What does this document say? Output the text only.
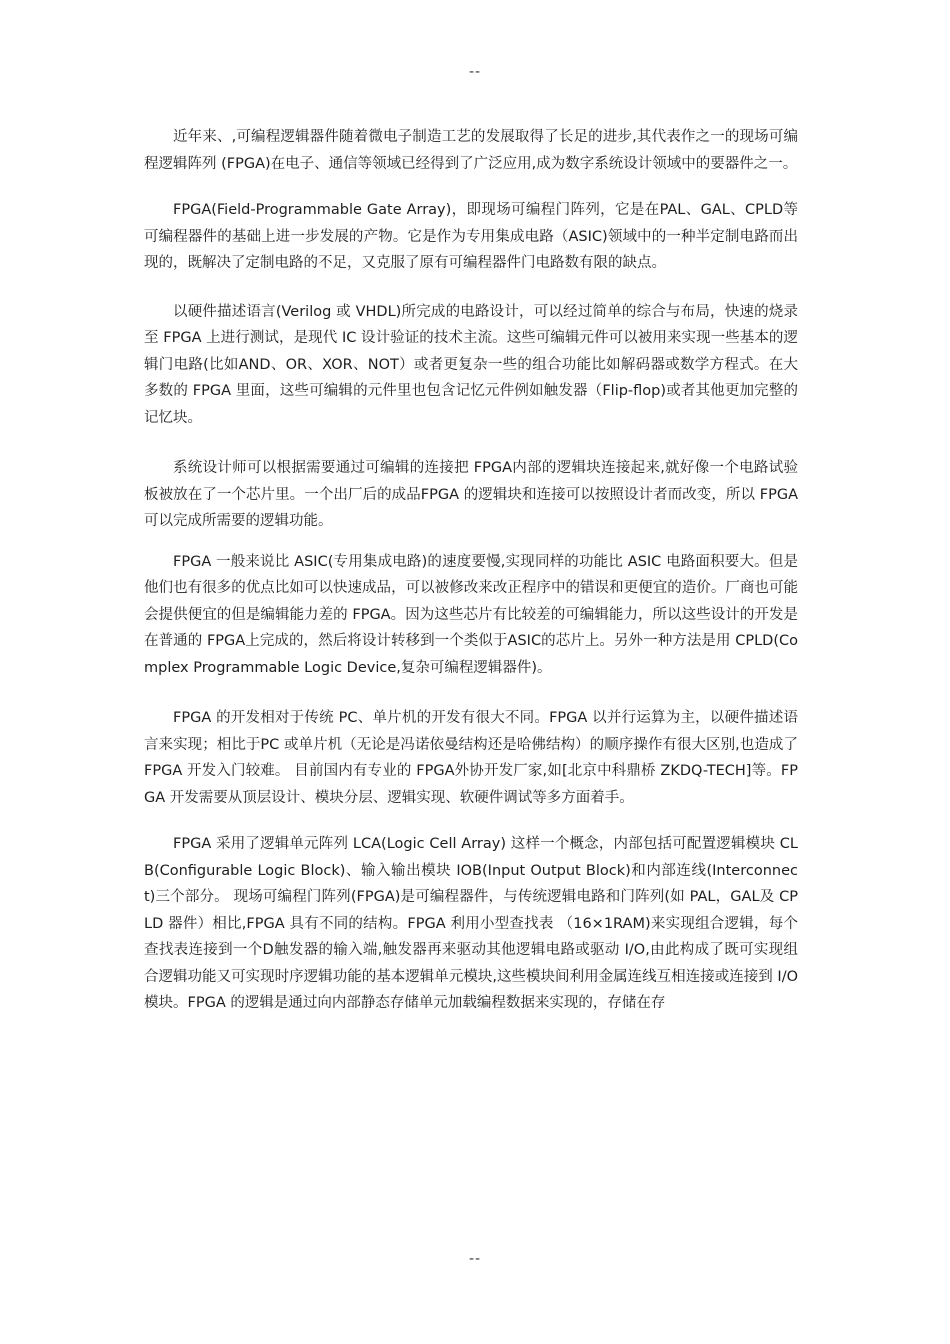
--

近年来、,可编程逻辑器件随着微电子制造工艺的发展取得了长足的进步,其代表作之一的现场可编程逻辑阵列 (FPGA)在电子、通信等领域已经得到了广泛应用,成为数字系统设计领域中的要器件之一。

FPGA(Field-Programmable Gate Array)，即现场可编程门阵列，它是在PAL、GAL、CPLD等可编程器件的基础上进一步发展的产物。它是作为专用集成电路（ASIC)领域中的一种半定制电路而出现的，既解决了定制电路的不足，又克服了原有可编程器件门电路数有限的缺点。

以硬件描述语言(Verilog 或 VHDL)所完成的电路设计，可以经过简单的综合与布局，快速的烧录至 FPGA 上进行测试，是现代 IC 设计验证的技术主流。这些可编辑元件可以被用来实现一些基本的逻辑门电路(比如AND、OR、XOR、NOT）或者更复杂一些的组合功能比如解码器或数学方程式。在大多数的 FPGA 里面，这些可编辑的元件里也包含记忆元件例如触发器（Flip-flop)或者其他更加完整的记忆块。

系统设计师可以根据需要通过可编辑的连接把 FPGA内部的逻辑块连接起来,就好像一个电路试验板被放在了一个芯片里。一个出厂后的成品FPGA 的逻辑块和连接可以按照设计者而改变，所以 FPGA 可以完成所需要的逻辑功能。

FPGA 一般来说比 ASIC(专用集成电路)的速度要慢,实现同样的功能比 ASIC 电路面积要大。但是他们也有很多的优点比如可以快速成品，可以被修改来改正程序中的错误和更便宜的造价。厂商也可能会提供便宜的但是编辑能力差的 FPGA。因为这些芯片有比较差的可编辑能力，所以这些设计的开发是在普通的 FPGA上完成的，然后将设计转移到一个类似于ASIC的芯片上。另外一种方法是用 CPLD(Complex Programmable Logic Device,复杂可编程逻辑器件)。

FPGA 的开发相对于传统 PC、单片机的开发有很大不同。FPGA 以并行运算为主，以硬件描述语言来实现；相比于PC 或单片机（无论是冯诺依曼结构还是哈佛结构）的顺序操作有很大区别,也造成了 FPGA 开发入门较难。 目前国内有专业的 FPGA外协开发厂家,如[北京中科鼎桥 ZKDQ-TECH]等。FPGA 开发需要从顶层设计、模块分层、逻辑实现、软硬件调试等多方面着手。

FPGA 采用了逻辑单元阵列 LCA(Logic Cell Array) 这样一个概念，内部包括可配置逻辑模块 CLB(Configurable Logic Block)、输入输出模块 IOB(Input Output Block)和内部连线(Interconnect)三个部分。 现场可编程门阵列(FPGA)是可编程器件，与传统逻辑电路和门阵列(如 PAL，GAL及 CPLD 器件）相比,FPGA 具有不同的结构。FPGA 利用小型查找表 （16×1RAM)来实现组合逻辑，每个查找表连接到一个D触发器的输入端,触发器再来驱动其他逻辑电路或驱动 I/O,由此构成了既可实现组合逻辑功能又可实现时序逻辑功能的基本逻辑单元模块,这些模块间利用金属连线互相连接或连接到 I/O 模块。FPGA 的逻辑是通过向内部静态存储单元加载编程数据来实现的，存储在存

--
